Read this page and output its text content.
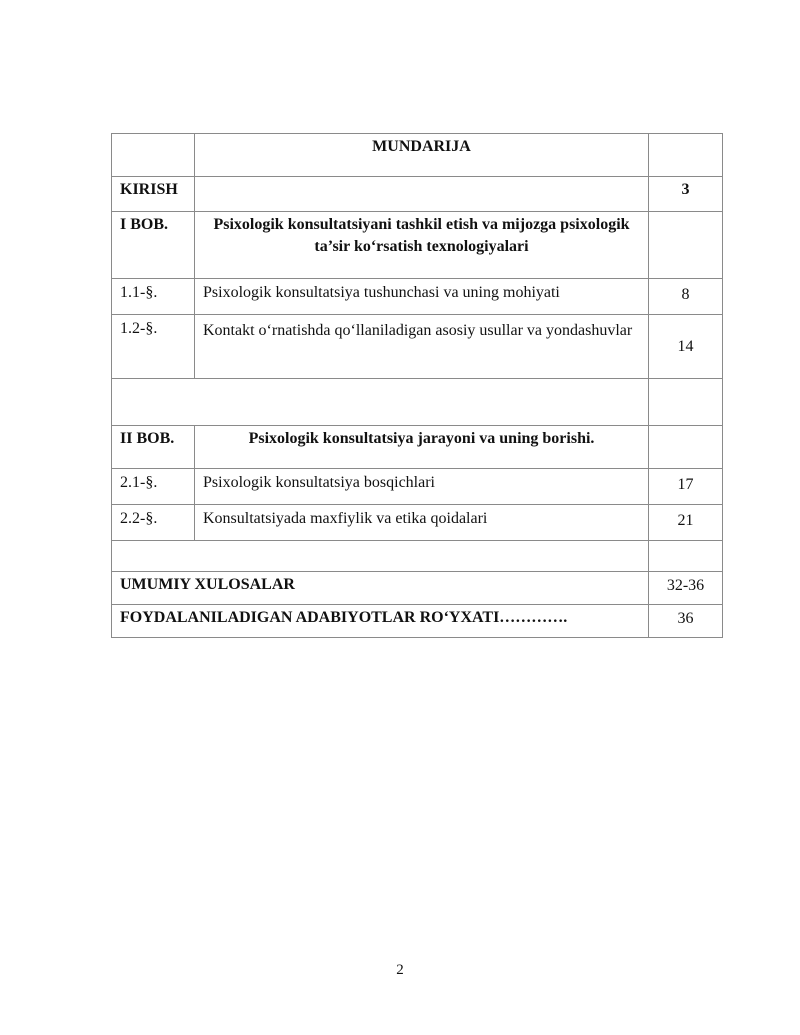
	MUNDARIJA	
KIRISH		3
I BOB.	Psixologik konsultatsiyani tashkil etish va mijozga psixologik ta’sir ko‘rsatish texnologiyalari	
1.1-§.	Psixologik konsultatsiya tushunchasi va uning mohiyati	8
1.2-§.	Kontakt o‘rnatishda qo‘llaniladigan asosiy usullar va yondashuvlar	14

II BOB.	Psixologik konsultatsiya jarayoni va uning borishi.	
2.1-§.	Psixologik konsultatsiya bosqichlari	17
2.2-§.	Konsultatsiyada maxfiylik va etika qoidalari	21

UMUMIY XULOSALAR		32-36
FOYDALANILADIGAN ADABIYOTLAR RO‘YXATI………….		36
2
